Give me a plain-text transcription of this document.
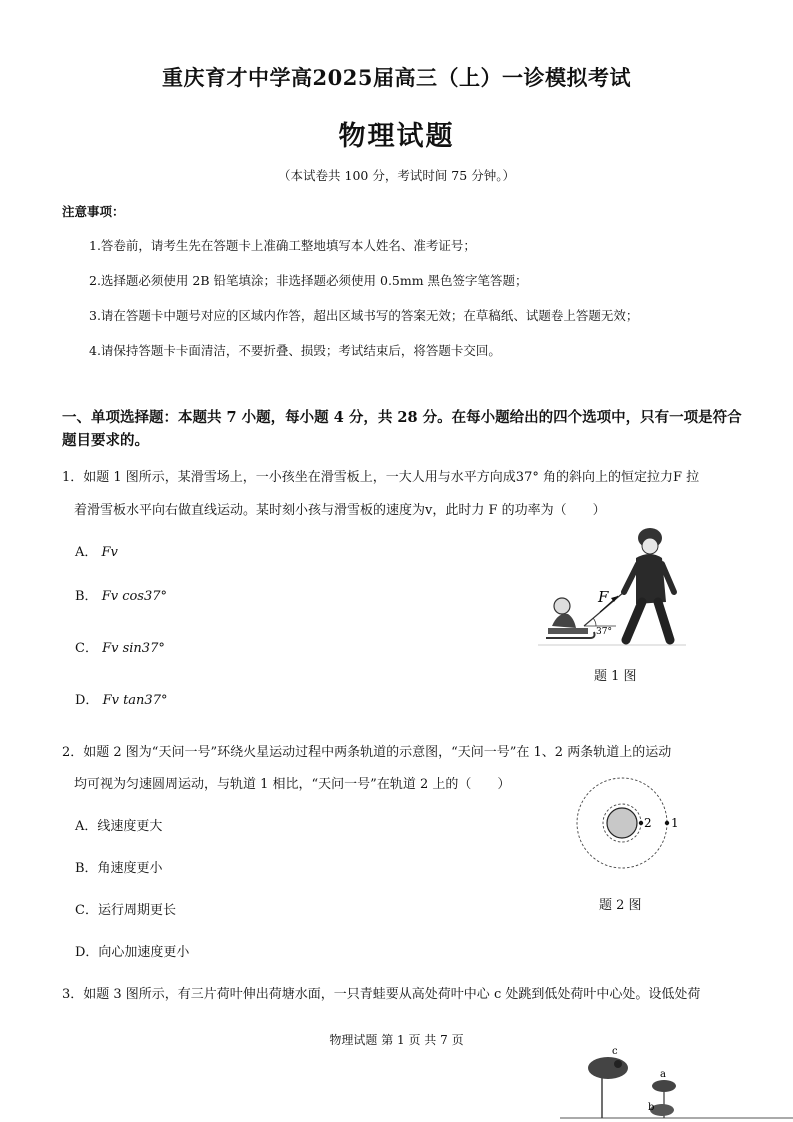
重庆育才中学高2025届高三（上）一诊模拟考试
物理试题
（本试卷共 100 分，考试时间 75 分钟。）
注意事项：
1.答卷前，请考生先在答题卡上准确工整地填写本人姓名、准考证号；
2.选择题必须使用 2B 铅笔填涂；非选择题必须使用 0.5mm 黑色签字笔答题；
3.请在答题卡中题号对应的区域内作答，超出区域书写的答案无效；在草稿纸、试题卷上答题无效；
4.请保持答题卡卡面清洁，不要折叠、损毁；考试结束后，将答题卡交回。
一、单项选择题：本题共 7 小题，每小题 4 分，共 28 分。在每小题给出的四个选项中，只有一项是符合题目要求的。
1．如题 1 图所示，某滑雪场上，一小孩坐在滑雪板上，一大人用与水平方向成37° 角的斜向上的恒定拉力F 拉
着滑雪板水平向右做直线运动。某时刻小孩与滑雪板的速度为v，此时力 F 的功率为（　　）
A． Fv
B． Fv cos37°
C． Fv sin37°
D． Fv tan37°
F
37°
题 1 图
2．如题 2 图为“天问一号”环绕火星运动过程中两条轨道的示意图，“天问一号”在 1、2 两条轨道上的运动
均可视为匀速圆周运动，与轨道 1 相比，“天问一号”在轨道 2 上的（　　）
A．线速度更大
B．角速度更小
C．运行周期更长
D．向心加速度更小
2 1
题 2 图
3．如题 3 图所示，有三片荷叶伸出荷塘水面，一只青蛙要从高处荷叶中心 c 处跳到低处荷叶中心处。设低处荷
物理试题 第 1 页 共 7 页
c
a
b
